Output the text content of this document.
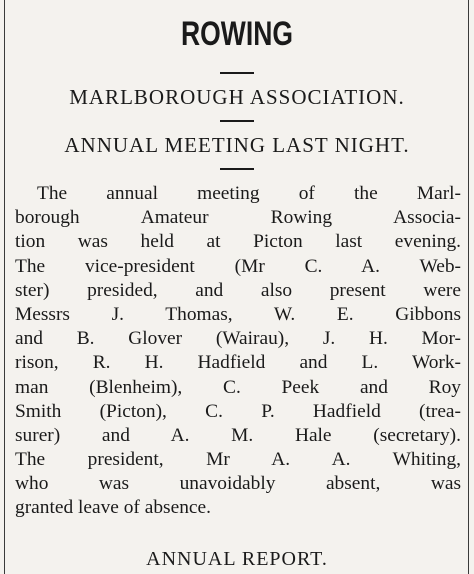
ROWING
MARLBOROUGH ASSOCIATION.
ANNUAL MEETING LAST NIGHT.
The annual meeting of the Marl-
borough Amateur Rowing Associa-
tion was held at Picton last evening.
The vice-president (Mr C. A. Web-
ster) presided, and also present were
Messrs J. Thomas, W. E. Gibbons
and B. Glover (Wairau), J. H. Mor-
rison, R. H. Hadfield and L. Work-
man (Blenheim), C. Peek and Roy
Smith (Picton), C. P. Hadfield (trea-
surer) and A. M. Hale (secretary).
The president, Mr A. A. Whiting,
who was unavoidably absent, was
granted leave of absence.
ANNUAL REPORT.
